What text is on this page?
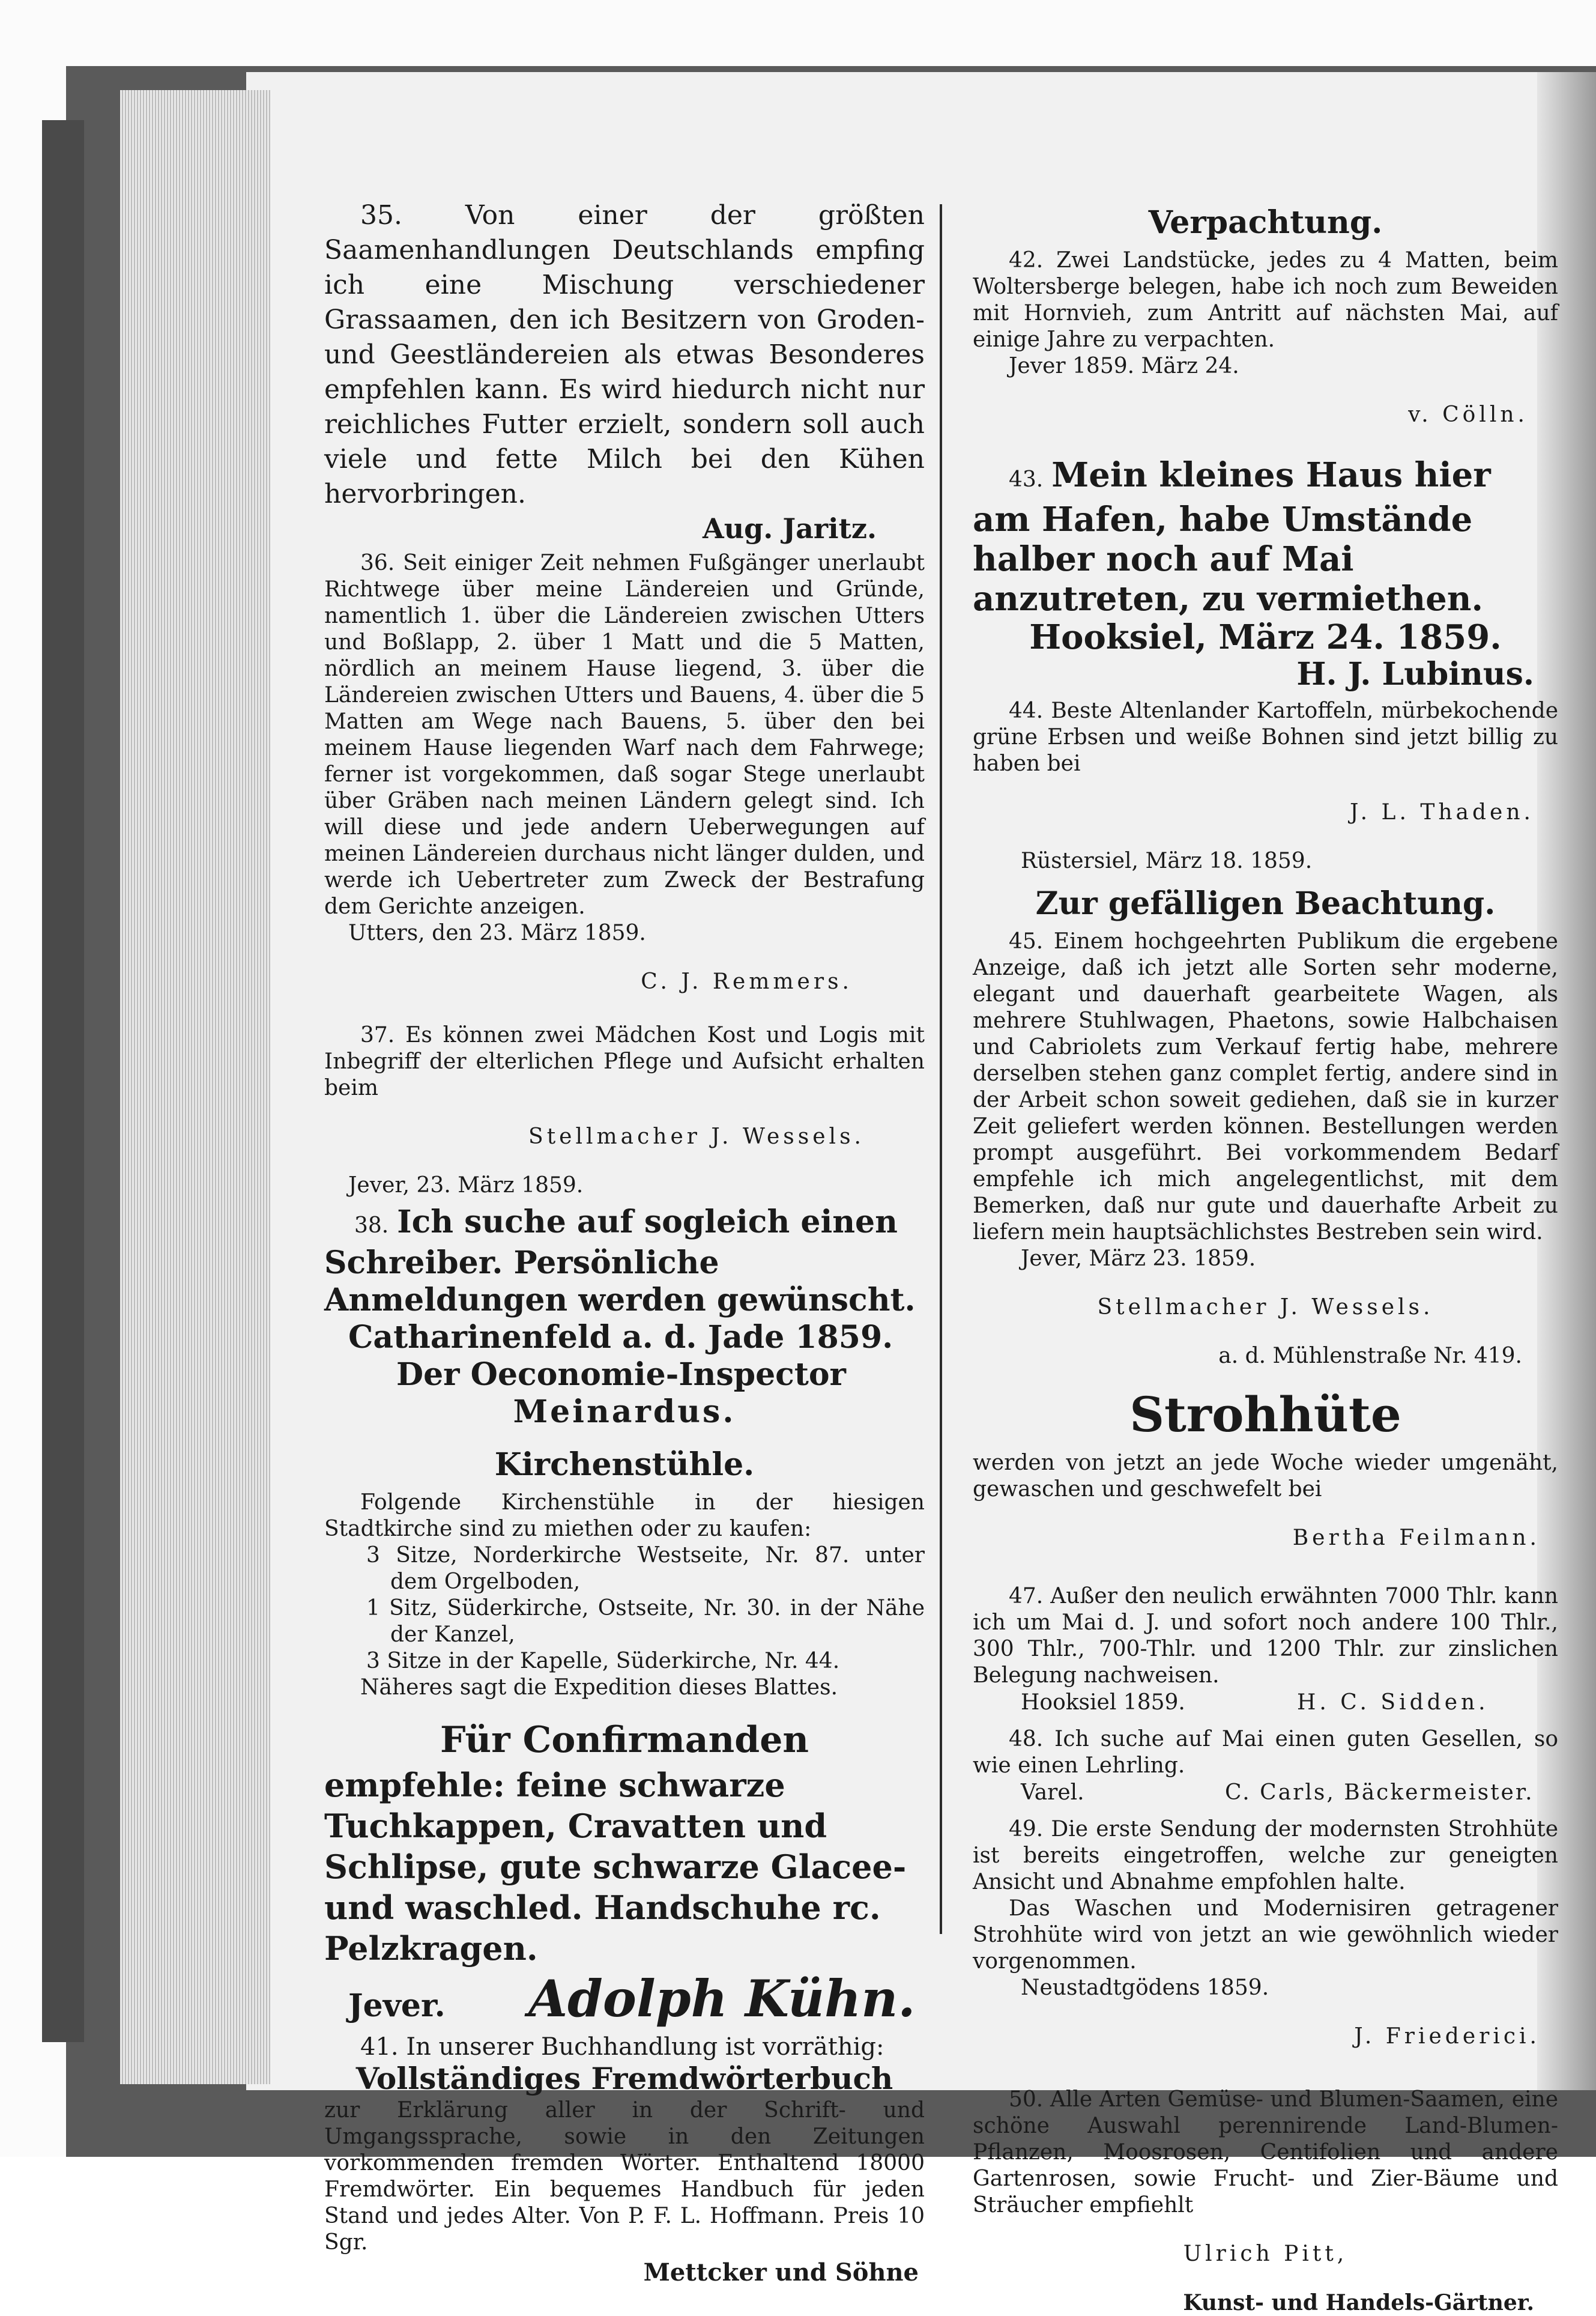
35. Von einer der größten Saamenhandlungen Deutschlands empfing ich eine Mischung verschiedener Grassaamen, den ich Besitzern von Groden- und Geestländereien als etwas Besonderes empfehlen kann. Es wird hiedurch nicht nur reichliches Futter erzielt, sondern soll auch viele und fette Milch bei den Kühen hervorbringen.

Aug. Jaritz.

36. Seit einiger Zeit nehmen Fußgänger unerlaubt Richtwege über meine Ländereien und Gründe, namentlich 1. über die Ländereien zwischen Utters und Boßlapp, 2. über 1 Matt und die 5 Matten, nördlich an meinem Hause liegend, 3. über die Ländereien zwischen Utters und Bauens, 4. über die 5 Matten am Wege nach Bauens, 5. über den bei meinem Hause liegenden Warf nach dem Fahrwege; ferner ist vorgekommen, daß sogar Stege unerlaubt über Gräben nach meinen Ländern gelegt sind. Ich will diese und jede andern Ueberwegungen auf meinen Ländereien durchaus nicht länger dulden, und werde ich Uebertreter zum Zweck der Bestrafung dem Gerichte anzeigen.

Utters, den 23. März 1859.

C. J. Remmers.

37. Es können zwei Mädchen Kost und Logis mit Inbegriff der elterlichen Pflege und Aufsicht erhalten beim

Stellmacher J. Wessels.

Jever, 23. März 1859.

38. Ich suche auf sogleich einen Schreiber. Persönliche Anmeldungen werden gewünscht.

Catharinenfeld a. d. Jade 1859.

Der Oeconomie-Inspector

Meinardus.

Kirchenstühle.

Folgende Kirchenstühle in der hiesigen Stadtkirche sind zu miethen oder zu kaufen:

3 Sitze, Norderkirche Westseite, Nr. 87. unter dem Orgelboden,

1 Sitz, Süderkirche, Ostseite, Nr. 30. in der Nähe der Kanzel,

3 Sitze in der Kapelle, Süderkirche, Nr. 44.

Näheres sagt die Expedition dieses Blattes.

Für Confirmanden

empfehle: feine schwarze Tuchkappen, Cravatten und Schlipse, gute schwarze Glacee- und waschled. Handschuhe rc. Pelzkragen.

Jever.	Adolph Kühn.

41. In unserer Buchhandlung ist vorräthig:

Vollständiges Fremdwörterbuch

zur Erklärung aller in der Schrift- und Umgangssprache, sowie in den Zeitungen vorkommenden fremden Wörter. Enthaltend 18000 Fremdwörter. Ein bequemes Handbuch für jeden Stand und jedes Alter. Von P. F. L. Hoffmann. Preis 10 Sgr.

Mettcker und Söhne

Verpachtung.

42. Zwei Landstücke, jedes zu 4 Matten, beim Woltersberge belegen, habe ich noch zum Beweiden mit Hornvieh, zum Antritt auf nächsten Mai, auf einige Jahre zu verpachten.

Jever 1859. März 24.

v. Cölln.

43. Mein kleines Haus hier am Hafen, habe Umstände halber noch auf Mai anzutreten, zu vermiethen.

Hooksiel, März 24. 1859.

H. J. Lubinus.

44. Beste Altenlander Kartoffeln, mürbekochende grüne Erbsen und weiße Bohnen sind jetzt billig zu haben bei

J. L. Thaden.

Rüstersiel, März 18. 1859.

Zur gefälligen Beachtung.

45. Einem hochgeehrten Publikum die ergebene Anzeige, daß ich jetzt alle Sorten sehr moderne, elegant und dauerhaft gearbeitete Wagen, als mehrere Stuhlwagen, Phaetons, sowie Halbchaisen und Cabriolets zum Verkauf fertig habe, mehrere derselben stehen ganz complet fertig, andere sind in der Arbeit schon soweit gediehen, daß sie in kurzer Zeit geliefert werden können. Bestellungen werden prompt ausgeführt. Bei vorkommendem Bedarf empfehle ich mich angelegentlichst, mit dem Bemerken, daß nur gute und dauerhafte Arbeit zu liefern mein hauptsächlichstes Bestreben sein wird.

Jever, März 23. 1859.

Stellmacher J. Wessels.

a. d. Mühlenstraße Nr. 419.

Strohhüte

werden von jetzt an jede Woche wieder umgenäht, gewaschen und geschwefelt bei

Bertha Feilmann.

47. Außer den neulich erwähnten 7000 Thlr. kann ich um Mai d. J. und sofort noch andere 100 Thlr., 300 Thlr., 700-Thlr. und 1200 Thlr. zur zinslichen Belegung nachweisen.

Hooksiel 1859.	H. C. Sidden.

48. Ich suche auf Mai einen guten Gesellen, so wie einen Lehrling.

Varel.	C. Carls, Bäckermeister.

49. Die erste Sendung der modernsten Strohhüte ist bereits eingetroffen, welche zur geneigten Ansicht und Abnahme empfohlen halte.

Das Waschen und Modernisiren getragener Strohhüte wird von jetzt an wie gewöhnlich wieder vorgenommen.

Neustadtgödens 1859.

J. Friederici.

50. Alle Arten Gemüse- und Blumen-Saamen, eine schöne Auswahl perennirende Land-Blumen-Pflanzen, Moosrosen, Centifolien und andere Gartenrosen, sowie Frucht- und Zier-Bäume und Sträucher empfiehlt

Ulrich Pitt,

Kunst- und Handels-Gärtner.
